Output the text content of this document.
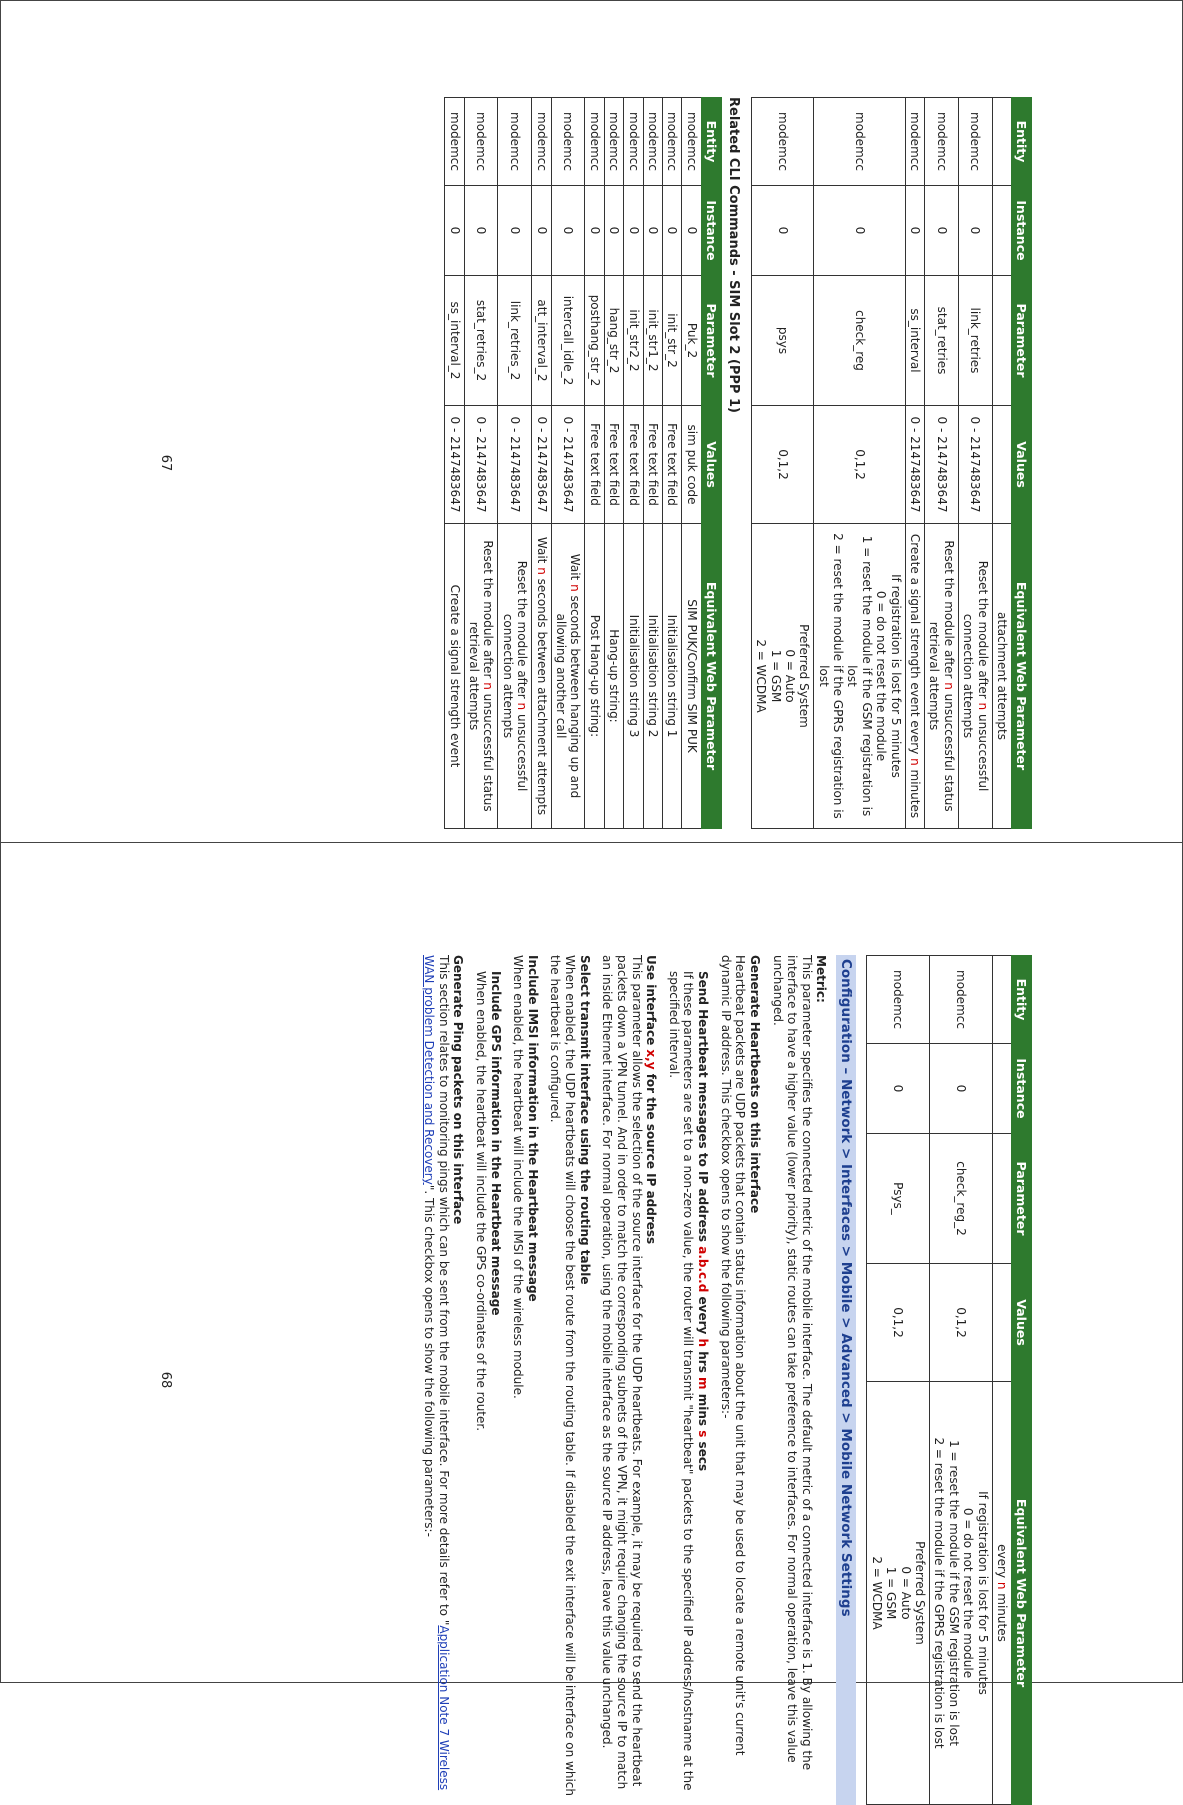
Entity	Instance	Parameter	Values	Equivalent Web Parameter
				attachment attempts
modemcc	0	link_retries	0 - 2147483647	Reset the module after n unsuccessful connection attempts
modemcc	0	stat_retries	0 - 2147483647	Reset the module after n unsuccessful status retrieval attempts
modemcc	0	ss_interval	0 - 2147483647	Create a signal strength event every n minutes
modemcc	0	check_reg	0,1,2	If registration is lost for 5 minutes
0 = do not reset the module
1 = reset the module if the GSM registration is lost
2 = reset the module if the GPRS registration is lost

modemcc	0	psys	0,1,2	Preferred System
0 = Auto
1 = GSM
2 = WCDMA
Related CLI Commands - SIM Slot 2 (PPP 1)
Entity	Instance	Parameter	Values	Equivalent Web Parameter
modemcc	0	Puk_2	sim puk code	SIM PUK/Confirm SIM PUK
modemcc	0	init_str_2	Free text field	Initialisation string 1
modemcc	0	init_str1_2	Free text field	Initialisation string 2
modemcc	0	init_str2_2	Free text field	Initialisation string 3
modemcc	0	hang_str_2	Free text field	Hang-up string:
modemcc	0	posthang_str_2	Free text field	Post Hang-up string:
modemcc	0	intercall_idle_2	0 - 2147483647	Wait n seconds between hanging up and allowing another call
modemcc	0	att_interval_2	0 - 2147483647	Wait n seconds between attachment attempts
modemcc	0	link_retries_2	0 - 2147483647	Reset the module after n unsuccessful connection attempts
modemcc	0	stat_retries_2	0 - 2147483647	Reset the module after n unsuccessful status retrieval attempts
modemcc	0	ss_interval_2	0 - 2147483647	Create a signal strength event
67
Entity	Instance	Parameter	Values	Equivalent Web Parameter
				every n minutes
modemcc	0	check_reg_2	0,1,2	If registration is lost for 5 minutes
0 = do not reset the module
1 = reset the module if the GSM registration is lost
2 = reset the module if the GPRS registration is lost

modemcc	0	Psys_	0,1,2	Preferred System
0 = Auto
1 = GSM
2 = WCDMA
Configuration – Network > Interfaces > Mobile > Advanced > Mobile Network Settings
Metric:
This parameter specifies the connected metric of the mobile interface. The default metric of a connected interface is 1. By allowing the interface to have a higher value (lower priority), static routes can take preference to interfaces. For normal operation, leave this value unchanged.
Generate Heartbeats on this interface
Heartbeat packets are UDP packets that contain status information about the unit that may be used to locate a remote unit's current dynamic IP address. This checkbox opens to show the following parameters:-
Send Heartbeat messages to IP address a.b.c.d every h hrs m mins s secs
If these parameters are set to a non-zero value, the router will transmit "heartbeat" packets to the specified IP address/hostname at the specified interval.
Use interface x,y for the source IP address
This parameter allows the selection of the source interface for the UDP heartbeats. For example, it may be required to send the heartbeat packets down a VPN tunnel. And in order to match the corresponding subnets of the VPN, it might require changing the source IP to match an inside Ethernet interface. For normal operation, using the mobile interface as the source IP address, leave this value unchanged.
Select transmit interface using the routing table
When enabled, the UDP heartbeats will choose the best route from the routing table. If disabled the exit interface will be interface on which the heartbeat is configured.
Include IMSI information in the Heartbeat message
When enabled, the heartbeat will include the IMSI of the wireless module.
Include GPS information in the Heartbeat message
When enabled, the heartbeat will include the GPS co-ordinates of the router.
Generate Ping packets on this interface
This section relates to monitoring pings which can be sent from the mobile interface. For more details refer to "Application Note 7 Wireless WAN problem Detection and Recovery". This checkbox opens to show the following parameters:-
68
